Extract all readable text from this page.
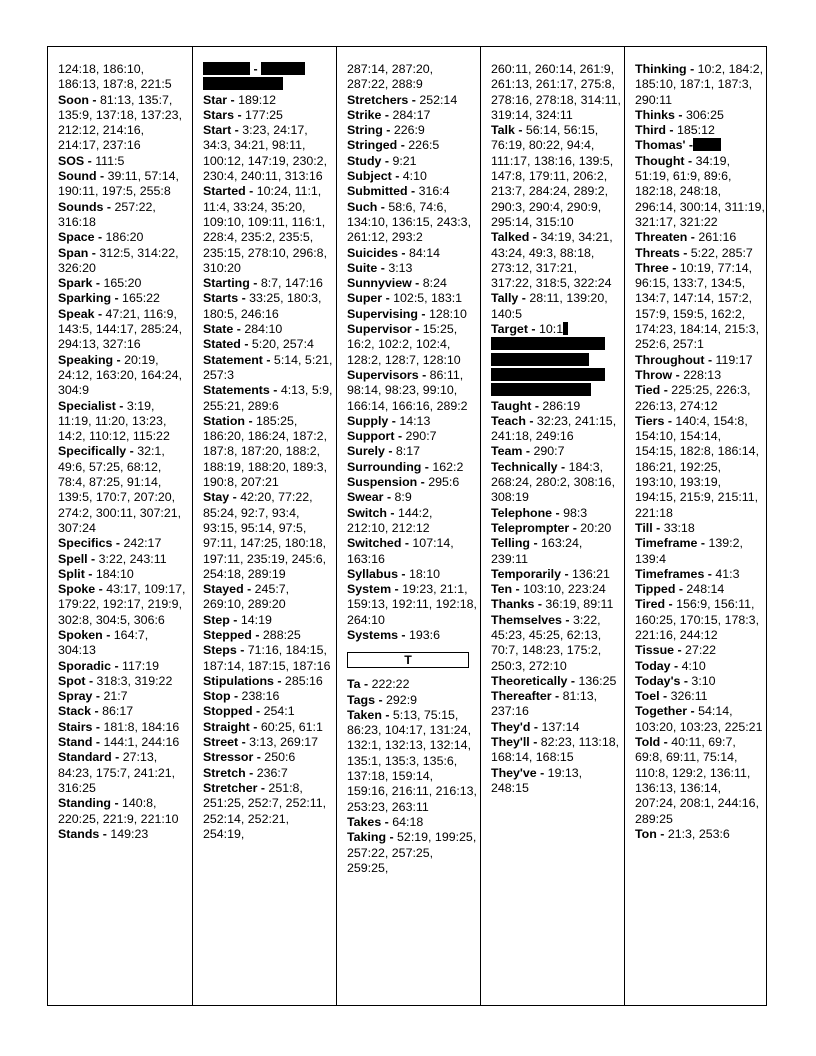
124:18, 186:10, 186:13, 187:8, 221:5
Soon - 81:13, 135:7, 135:9, 137:18, 137:23, 212:12, 214:16, 214:17, 237:16
SOS - 111:5
Sound - 39:11, 57:14, 190:11, 197:5, 255:8
Sounds - 257:22, 316:18
Space - 186:20
Span - 312:5, 314:22, 326:20
Spark - 165:20
Sparking - 165:22
Speak - 47:21, 116:9, 143:5, 144:17, 285:24, 294:13, 327:16
Speaking - 20:19, 24:12, 163:20, 164:24, 304:9
Specialist - 3:19, 11:19, 11:20, 13:23, 14:2, 110:12, 115:22
Specifically - 32:1, 49:6, 57:25, 68:12, 78:4, 87:25, 91:14, 139:5, 170:7, 207:20, 274:2, 300:11, 307:21, 307:24
Specifics - 242:17
Spell - 3:22, 243:11
Split - 184:10
Spoke - 43:17, 109:17, 179:22, 192:17, 219:9, 302:8, 304:5, 306:6
Spoken - 164:7, 304:13
Sporadic - 117:19
Spot - 318:3, 319:22
Spray - 21:7
Stack - 86:17
Stairs - 181:8, 184:16
Stand - 144:1, 244:16
Standard - 27:13, 84:23, 175:7, 241:21, 316:25
Standing - 140:8, 220:25, 221:9, 221:10
Stands - 149:23
-

Star - 189:12
Stars - 177:25
Start - 3:23, 24:17, 34:3, 34:21, 98:11, 100:12, 147:19, 230:2, 230:4, 240:11, 313:16
Started - 10:24, 11:1, 11:4, 33:24, 35:20, 109:10, 109:11, 116:1, 228:4, 235:2, 235:5, 235:15, 278:10, 296:8, 310:20
Starting - 8:7, 147:16
Starts - 33:25, 180:3, 180:5, 246:16
State - 284:10
Stated - 5:20, 257:4
Statement - 5:14, 5:21, 257:3
Statements - 4:13, 5:9, 255:21, 289:6
Station - 185:25, 186:20, 186:24, 187:2, 187:8, 187:20, 188:2, 188:19, 188:20, 189:3, 190:8, 207:21
Stay - 42:20, 77:22, 85:24, 92:7, 93:4, 93:15, 95:14, 97:5, 97:11, 147:25, 180:18, 197:11, 235:19, 245:6, 254:18, 289:19
Stayed - 245:7, 269:10, 289:20
Step - 14:19
Stepped - 288:25
Steps - 71:16, 184:15, 187:14, 187:15, 187:16
Stipulations - 285:16
Stop - 238:16
Stopped - 254:1
Straight - 60:25, 61:1
Street - 3:13, 269:17
Stressor - 250:6
Stretch - 236:7
Stretcher - 251:8, 251:25, 252:7, 252:11, 252:14, 252:21, 254:19,
287:14, 287:20, 287:22, 288:9
Stretchers - 252:14
Strike - 284:17
String - 226:9
Stringed - 226:5
Study - 9:21
Subject - 4:10
Submitted - 316:4
Such - 58:6, 74:6, 134:10, 136:15, 243:3, 261:12, 293:2
Suicides - 84:14
Suite - 3:13
Sunnyview - 8:24
Super - 102:5, 183:1
Supervising - 128:10
Supervisor - 15:25, 16:2, 102:2, 102:4, 128:2, 128:7, 128:10
Supervisors - 86:11, 98:14, 98:23, 99:10, 166:14, 166:16, 289:2
Supply - 14:13
Support - 290:7
Surely - 8:17
Surrounding - 162:2
Suspension - 295:6
Swear - 8:9
Switch - 144:2, 212:10, 212:12
Switched - 107:14, 163:16
Syllabus - 18:10
System - 19:23, 21:1, 159:13, 192:11, 192:18, 264:10
Systems - 193:6
T
Ta - 222:22
Tags - 292:9
Taken - 5:13, 75:15, 86:23, 104:17, 131:24, 132:1, 132:13, 132:14, 135:1, 135:3, 135:6, 137:18, 159:14, 159:16, 216:11, 216:13, 253:23, 263:11
Takes - 64:18
Taking - 52:19, 199:25, 257:22, 257:25, 259:25,
260:11, 260:14, 261:9, 261:13, 261:17, 275:8, 278:16, 278:18, 314:11, 319:14, 324:11
Talk - 56:14, 56:15, 76:19, 80:22, 94:4, 111:17, 138:16, 139:5, 147:8, 179:11, 206:2, 213:7, 284:24, 289:2, 290:3, 290:4, 290:9, 295:14, 315:10
Talked - 34:19, 34:21, 43:24, 49:3, 88:18, 273:12, 317:21, 317:22, 318:5, 322:24
Tally - 28:11, 139:20, 140:5
Target - 10:1

Taught - 286:19
Teach - 32:23, 241:15, 241:18, 249:16
Team - 290:7
Technically - 184:3, 268:24, 280:2, 308:16, 308:19
Telephone - 98:3
Teleprompter - 20:20
Telling - 163:24, 239:11
Temporarily - 136:21
Ten - 103:10, 223:24
Thanks - 36:19, 89:11
Themselves - 3:22, 45:23, 45:25, 62:13, 70:7, 148:23, 175:2, 250:3, 272:10
Theoretically - 136:25
Thereafter - 81:13, 237:16
They'd - 137:14
They'll - 82:23, 113:18, 168:14, 168:15
They've - 19:13, 248:15
Thinking - 10:2, 184:2, 185:10, 187:1, 187:3, 290:11
Thinks - 306:25
Third - 185:12
Thomas' -
Thought - 34:19, 51:19, 61:9, 89:6, 182:18, 248:18, 296:14, 300:14, 311:19, 321:17, 321:22
Threaten - 261:16
Threats - 5:22, 285:7
Three - 10:19, 77:14, 96:15, 133:7, 134:5, 134:7, 147:14, 157:2, 157:9, 159:5, 162:2, 174:23, 184:14, 215:3, 252:6, 257:1
Throughout - 119:17
Throw - 228:13
Tied - 225:25, 226:3, 226:13, 274:12
Tiers - 140:4, 154:8, 154:10, 154:14, 154:15, 182:8, 186:14, 186:21, 192:25, 193:10, 193:19, 194:15, 215:9, 215:11, 221:18
Till - 33:18
Timeframe - 139:2, 139:4
Timeframes - 41:3
Tipped - 248:14
Tired - 156:9, 156:11, 160:25, 170:15, 178:3, 221:16, 244:12
Tissue - 27:22
Today - 4:10
Today's - 3:10
Toel - 326:11
Together - 54:14, 103:20, 103:23, 225:21
Told - 40:11, 69:7, 69:8, 69:11, 75:14, 110:8, 129:2, 136:11, 136:13, 136:14, 207:24, 208:1, 244:16, 289:25
Ton - 21:3, 253:6
